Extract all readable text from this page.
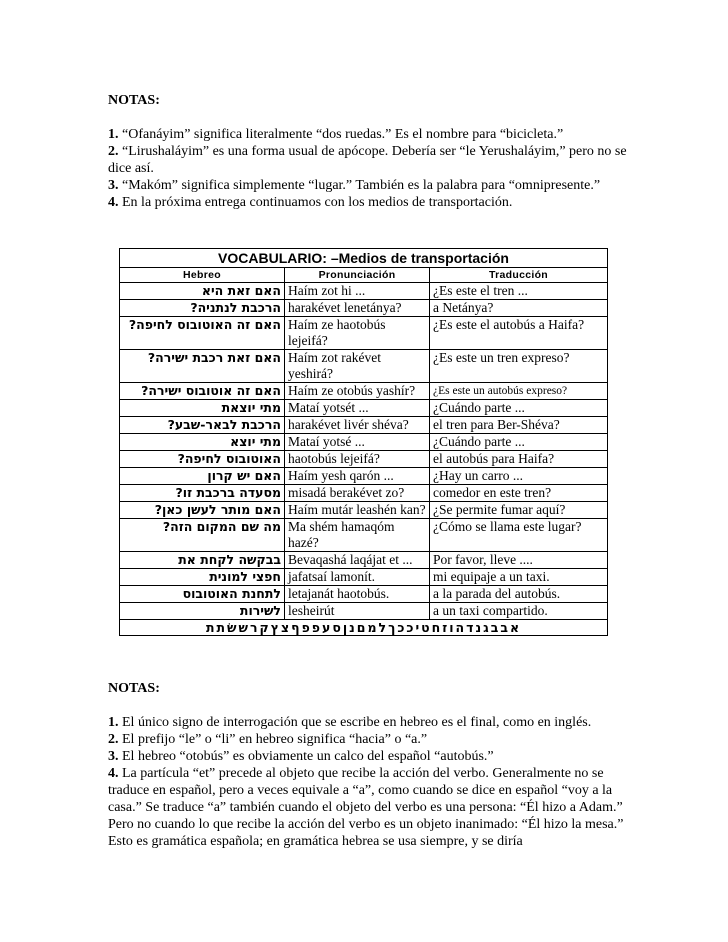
NOTAS:

1. “Ofanáyim” significa literalmente “dos ruedas.” Es el nombre para “bicicleta.”

2. “Lirushaláyim” es una forma usual de apócope. Debería ser “le Yerushaláyim,” pero no se dice así.

3. “Makóm” significa simplemente “lugar.” También es la palabra para “omnipresente.”

4. En la próxima entrega continuamos con los medios de transportación.

VOCABULARIO: –Medios de transportación		
Hebreo	Pronunciación	Traducción
האם זאת היא	Haím zot hi ...	¿Es este el tren ...
הרכבת לנתניה?	harakévet lenetánya?	a Netánya?
האם זה האוטובוס לחיפה?	Haím ze haotobús lejeifá?	¿Es este el autobús a Haifa?
האם זאת רכבת ישירה?	Haím zot rakévet yeshirá?	¿Es este un tren expreso?
האם זה אוטובוס ישירה?	Haím ze otobús yashír?	¿Es este un autobús expreso?
מתי יוצאת	Mataí yotsét ...	¿Cuándo parte ...
הרכבת לבאר-שבע?	harakévet livér shéva?	el tren para Ber-Shéva?
מתי יוצא	Mataí yotsé ...	¿Cuándo parte ...
האוטובוס לחיפה?	haotobús lejeifá?	el autobús para Haifa?
האם יש קרון	Haím yesh qarón ...	¿Hay un carro ...
מסעדה ברכבת זו?	misadá berakévet zo?	comedor en este tren?
האם מותר לעשן כאן?	Haím mutár leashén kan?	¿Se permite fumar aquí?
מה שם המקום הזה?	Ma shém hamaqóm hazé?	¿Cómo se llama este lugar?
בבקשה לקחת את	Bevaqashá laqájat et ...	Por favor, lleve ....
חפצי למונית	jafatsaí lamonít.	mi equipaje a un taxi.
לתחנת האוטובוס	letajanát haotobús.	a la parada del autobús.
לשירות	lesheirút	a un taxi compartido.
אבבגנדהוזחטיככךלמםנןסעפפףצץקרששׂתת		

NOTAS:

1. El único signo de interrogación que se escribe en hebreo es el final, como en inglés.

2. El prefijo “le” o “li” en hebreo significa “hacia” o “a.”

3. El hebreo “otobús” es obviamente un calco del español “autobús.”

4. La partícula “et” precede al objeto que recibe la acción del verbo. Generalmente no se traduce en español, pero a veces equivale a “a”, como cuando se dice en español “voy a la casa.” Se traduce “a” también cuando el objeto del verbo es una persona: “Él hizo a Adam.” Pero no cuando lo que recibe la acción del verbo es un objeto inanimado: “Él hizo la mesa.” Esto es gramática española; en gramática hebrea se usa siempre, y se diría
